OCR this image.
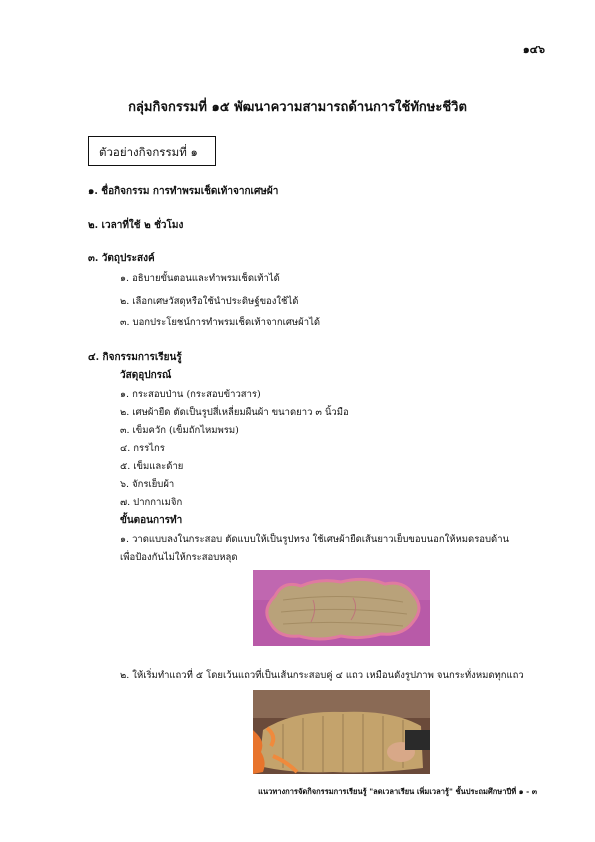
๑๔๖
กลุ่มกิจกรรมที่ ๑๕ พัฒนาความสามารถด้านการใช้ทักษะชีวิต
ตัวอย่างกิจกรรมที่ ๑
๑. ชื่อกิจกรรม การทำพรมเช็ดเท้าจากเศษผ้า
๒. เวลาที่ใช้ ๒ ชั่วโมง
๓. วัตถุประสงค์
๑. อธิบายขั้นตอนและทำพรมเช็ดเท้าได้
๒. เลือกเศษวัสดุหรือใช้นำประดิษฐ์ของใช้ได้
๓. บอกประโยชน์การทำพรมเช็ดเท้าจากเศษผ้าได้
๔. กิจกรรมการเรียนรู้
วัสดุอุปกรณ์
๑. กระสอบป่าน (กระสอบข้าวสาร)
๒. เศษผ้ายืด ตัดเป็นรูปสี่เหลี่ยมผืนผ้า ขนาดยาว ๓ นิ้วมือ
๓. เข็มควัก (เข็มถักไหมพรม)
๔. กรรไกร
๕. เข็มและด้าย
๖. จักรเย็บผ้า
๗. ปากกาเมจิก
ขั้นตอนการทำ
๑. วาดแบบลงในกระสอบ ตัดแบบให้เป็นรูปทรง ใช้เศษผ้ายืดเส้นยาวเย็บขอบนอกให้หมดรอบด้าน
เพื่อป้องกันไม่ให้กระสอบหลุด
๒. ให้เริ่มทำแถวที่ ๕ โดยเว้นแถวที่เป็นเส้นกระสอบคู่ ๔ แถว เหมือนดังรูปภาพ จนกระทั่งหมดทุกแถว
แนวทางการจัดกิจกรรมการเรียนรู้ "ลดเวลาเรียน เพิ่มเวลารู้" ชั้นประถมศึกษาปีที่ ๑ - ๓
